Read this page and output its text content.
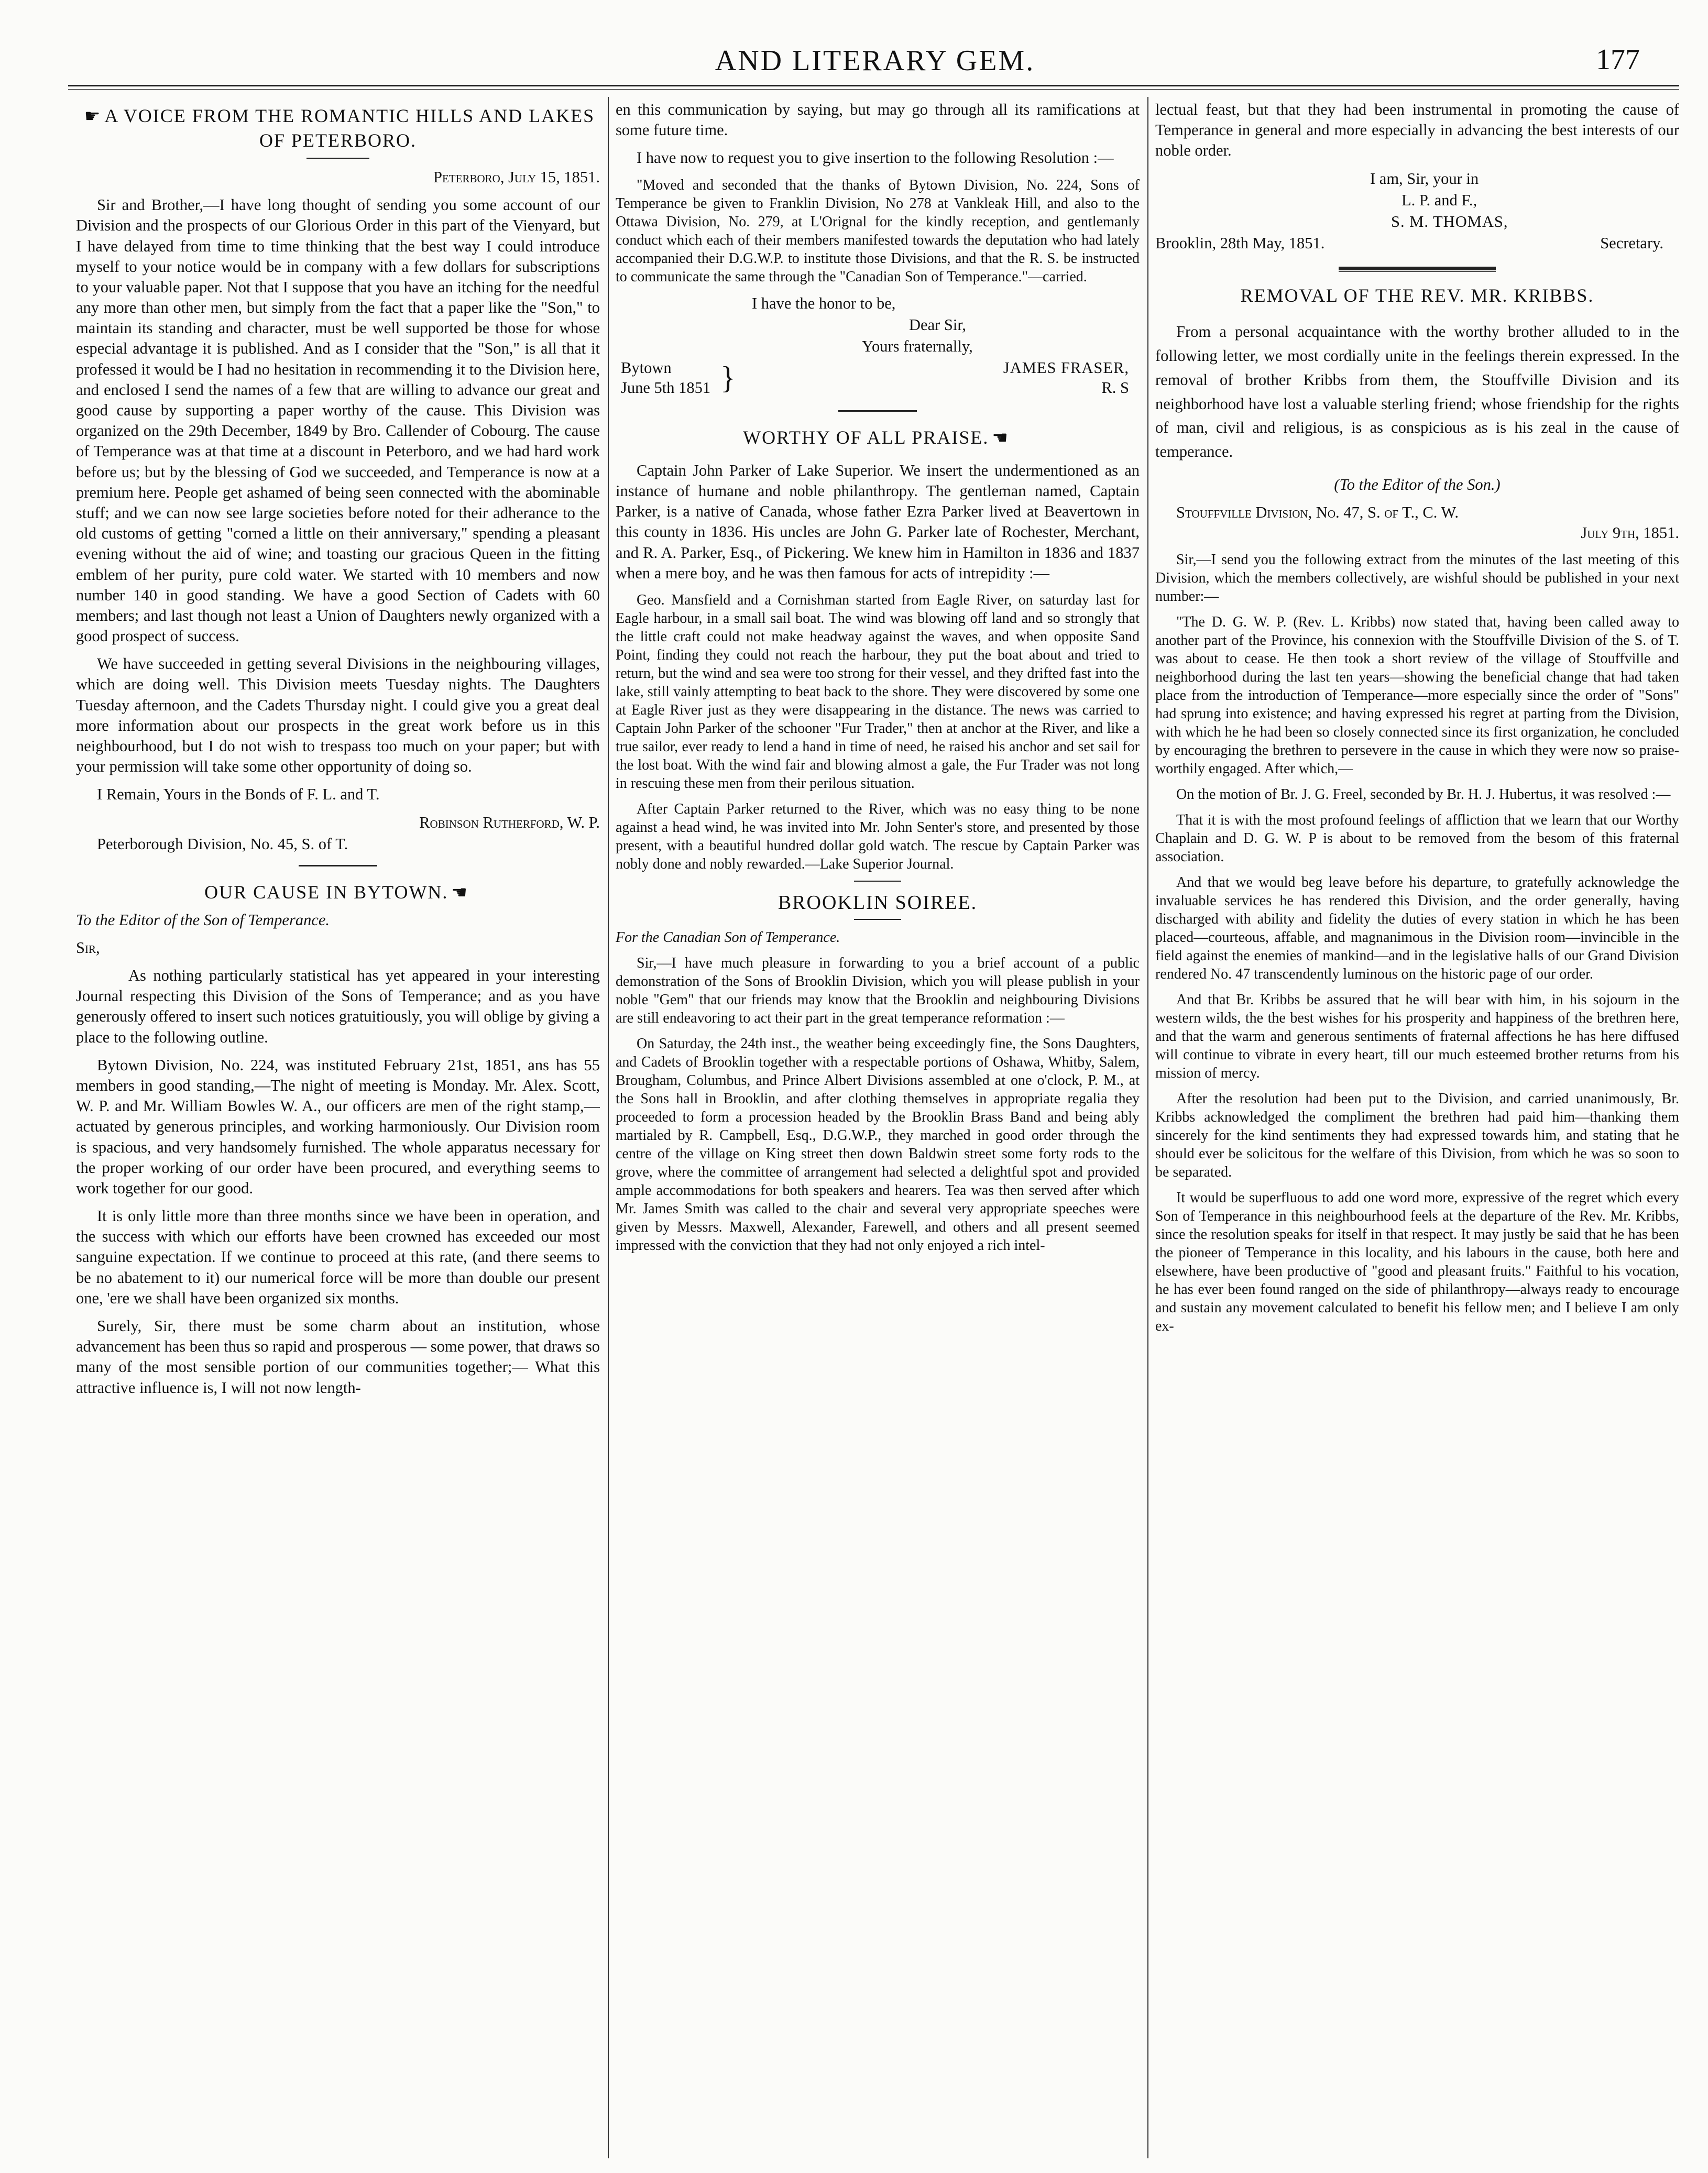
AND LITERARY GEM.	177
☛ A VOICE FROM THE ROMANTIC HILLS AND LAKES OF PETERBORO.

Peterboro, July 15, 1851.

Sir and Brother,—I have long thought of sending you some account of our Division and the prospects of our Glorious Order in this part of the Vienyard, but I have delayed from time to time thinking that the best way I could introduce myself to your notice would be in company with a few dollars for subscriptions to your valuable paper. Not that I suppose that you have an itching for the needful any more than other men, but simply from the fact that a paper like the "Son," to maintain its standing and character, must be well supported be those for whose especial advantage it is published. And as I consider that the "Son," is all that it professed it would be I had no hesitation in recommending it to the Division here, and enclosed I send the names of a few that are willing to advance our great and good cause by supporting a paper worthy of the cause. This Division was organized on the 29th December, 1849 by Bro. Callender of Cobourg. The cause of Temperance was at that time at a discount in Peterboro, and we had hard work before us; but by the blessing of God we succeeded, and Temperance is now at a premium here. People get ashamed of being seen connected with the abominable stuff; and we can now see large societies before noted for their adherance to the old customs of getting "corned a little on their anniversary," spending a pleasant evening without the aid of wine; and toasting our gracious Queen in the fitting emblem of her purity, pure cold water. We started with 10 members and now number 140 in good standing. We have a good Section of Cadets with 60 members; and last though not least a Union of Daughters newly organized with a good prospect of success.

We have succeeded in getting several Divisions in the neighbouring villages, which are doing well. This Division meets Tuesday nights. The Daughters Tuesday afternoon, and the Cadets Thursday night. I could give you a great deal more information about our prospects in the great work before us in this neighbourhood, but I do not wish to trespass too much on your paper; but with your permission will take some other opportunity of doing so.

I Remain, Yours in the Bonds of F. L. and T.

Robinson Rutherford, W. P.

Peterborough Division, No. 45, S. of T.

OUR CAUSE IN BYTOWN. ☚

To the Editor of the Son of Temperance.

Sir,

As nothing particularly statistical has yet appeared in your interesting Journal respecting this Division of the Sons of Temperance; and as you have generously offered to insert such notices gratuitiously, you will oblige by giving a place to the following outline.

Bytown Division, No. 224, was instituted February 21st, 1851, ans has 55 members in good standing,—The night of meeting is Monday. Mr. Alex. Scott, W. P. and Mr. William Bowles W. A., our officers are men of the right stamp,—actuated by generous principles, and working harmoniously. Our Division room is spacious, and very handsomely furnished. The whole apparatus necessary for the proper working of our order have been procured, and everything seems to work together for our good.

It is only little more than three months since we have been in operation, and the success with which our efforts have been crowned has exceeded our most sanguine expectation. If we continue to proceed at this rate, (and there seems to be no abatement to it) our numerical force will be more than double our present one, 'ere we shall have been organized six months.

Surely, Sir, there must be some charm about an institution, whose advancement has been thus so rapid and prosperous — some power, that draws so many of the most sensible portion of our communities together;— What this attractive influence is, I will not now length-

en this communication by saying, but may go through all its ramifications at some future time.

I have now to request you to give insertion to the following Resolution :—

"Moved and seconded that the thanks of Bytown Division, No. 224, Sons of Temperance be given to Franklin Division, No 278 at Vankleak Hill, and also to the Ottawa Division, No. 279, at L'Orignal for the kindly reception, and gentlemanly conduct which each of their members manifested towards the deputation who had lately accompanied their D.G.W.P. to institute those Divisions, and that the R. S. be instructed to communicate the same through the "Canadian Son of Temperance."—carried.

I have the honor to be,

Dear Sir,

Yours fraternally,

Bytown
June 5th 1851 }	JAMES FRASER,
R. S
WORTHY OF ALL PRAISE. ☚

Captain John Parker of Lake Superior. We insert the undermentioned as an instance of humane and noble philanthropy. The gentleman named, Captain Parker, is a native of Canada, whose father Ezra Parker lived at Beavertown in this county in 1836. His uncles are John G. Parker late of Rochester, Merchant, and R. A. Parker, Esq., of Pickering. We knew him in Hamilton in 1836 and 1837 when a mere boy, and he was then famous for acts of intrepidity :—

Geo. Mansfield and a Cornishman started from Eagle River, on saturday last for Eagle harbour, in a small sail boat. The wind was blowing off land and so strongly that the little craft could not make headway against the waves, and when opposite Sand Point, finding they could not reach the harbour, they put the boat about and tried to return, but the wind and sea were too strong for their vessel, and they drifted fast into the lake, still vainly attempting to beat back to the shore. They were discovered by some one at Eagle River just as they were disappearing in the distance. The news was carried to Captain John Parker of the schooner "Fur Trader," then at anchor at the River, and like a true sailor, ever ready to lend a hand in time of need, he raised his anchor and set sail for the lost boat. With the wind fair and blowing almost a gale, the Fur Trader was not long in rescuing these men from their perilous situation.

After Captain Parker returned to the River, which was no easy thing to be none against a head wind, he was invited into Mr. John Senter's store, and presented by those present, with a beautiful hundred dollar gold watch. The rescue by Captain Parker was nobly done and nobly rewarded.—Lake Superior Journal.

BROOKLIN SOIREE.

For the Canadian Son of Temperance.

Sir,—I have much pleasure in forwarding to you a brief account of a public demonstration of the Sons of Brooklin Division, which you will please publish in your noble "Gem" that our friends may know that the Brooklin and neighbouring Divisions are still endeavoring to act their part in the great temperance reformation :—

On Saturday, the 24th inst., the weather being exceedingly fine, the Sons Daughters, and Cadets of Brooklin together with a respectable portions of Oshawa, Whitby, Salem, Brougham, Columbus, and Prince Albert Divisions assembled at one o'clock, P. M., at the Sons hall in Brooklin, and after clothing themselves in appropriate regalia they proceeded to form a procession headed by the Brooklin Brass Band and being ably martialed by R. Campbell, Esq., D.G.W.P., they marched in good order through the centre of the village on King street then down Baldwin street some forty rods to the grove, where the committee of arrangement had selected a delightful spot and provided ample accommodations for both speakers and hearers. Tea was then served after which Mr. James Smith was called to the chair and several very appropriate speeches were given by Messrs. Maxwell, Alexander, Farewell, and others and all present seemed impressed with the conviction that they had not only enjoyed a rich intel-

lectual feast, but that they had been instrumental in promoting the cause of Temperance in general and more especially in advancing the best interests of our noble order.

I am, Sir, your in

L. P. and F.,

S. M. THOMAS,

Brooklin, 28th May, 1851.	Secretary.
REMOVAL OF THE REV. MR. KRIBBS.

From a personal acquaintance with the worthy brother alluded to in the following letter, we most cordially unite in the feelings therein expressed. In the removal of brother Kribbs from them, the Stouffville Division and its neighborhood have lost a valuable sterling friend; whose friendship for the rights of man, civil and religious, is as conspicious as is his zeal in the cause of temperance.

(To the Editor of the Son.)

Stouffville Division, No. 47, S. of T., C. W.

July 9th, 1851.

Sir,—I send you the following extract from the minutes of the last meeting of this Division, which the members collectively, are wishful should be published in your next number:—

"The D. G. W. P. (Rev. L. Kribbs) now stated that, having been called away to another part of the Province, his connexion with the Stouffville Division of the S. of T. was about to cease. He then took a short review of the village of Stouffville and neighborhood during the last ten years—showing the beneficial change that had taken place from the introduction of Temperance—more especially since the order of "Sons" had sprung into existence; and having expressed his regret at parting from the Division, with which he he had been so closely connected since its first organization, he concluded by encouraging the brethren to persevere in the cause in which they were now so praise-worthily engaged. After which,—

On the motion of Br. J. G. Freel, seconded by Br. H. J. Hubertus, it was resolved :—

That it is with the most profound feelings of affliction that we learn that our Worthy Chaplain and D. G. W. P is about to be removed from the besom of this fraternal association.

And that we would beg leave before his departure, to gratefully acknowledge the invaluable services he has rendered this Division, and the order generally, having discharged with ability and fidelity the duties of every station in which he has been placed—courteous, affable, and magnanimous in the Division room—invincible in the field against the enemies of mankind—and in the legislative halls of our Grand Division rendered No. 47 transcendently luminous on the historic page of our order.

And that Br. Kribbs be assured that he will bear with him, in his sojourn in the western wilds, the the best wishes for his prosperity and happiness of the brethren here, and that the warm and generous sentiments of fraternal affections he has here diffused will continue to vibrate in every heart, till our much esteemed brother returns from his mission of mercy.

After the resolution had been put to the Division, and carried unanimously, Br. Kribbs acknowledged the compliment the brethren had paid him—thanking them sincerely for the kind sentiments they had expressed towards him, and stating that he should ever be solicitous for the welfare of this Division, from which he was so soon to be separated.

It would be superfluous to add one word more, expressive of the regret which every Son of Temperance in this neighbourhood feels at the departure of the Rev. Mr. Kribbs, since the resolution speaks for itself in that respect. It may justly be said that he has been the pioneer of Temperance in this locality, and his labours in the cause, both here and elsewhere, have been productive of "good and pleasant fruits." Faithful to his vocation, he has ever been found ranged on the side of philanthropy—always ready to encourage and sustain any movement calculated to benefit his fellow men; and I believe I am only ex-
